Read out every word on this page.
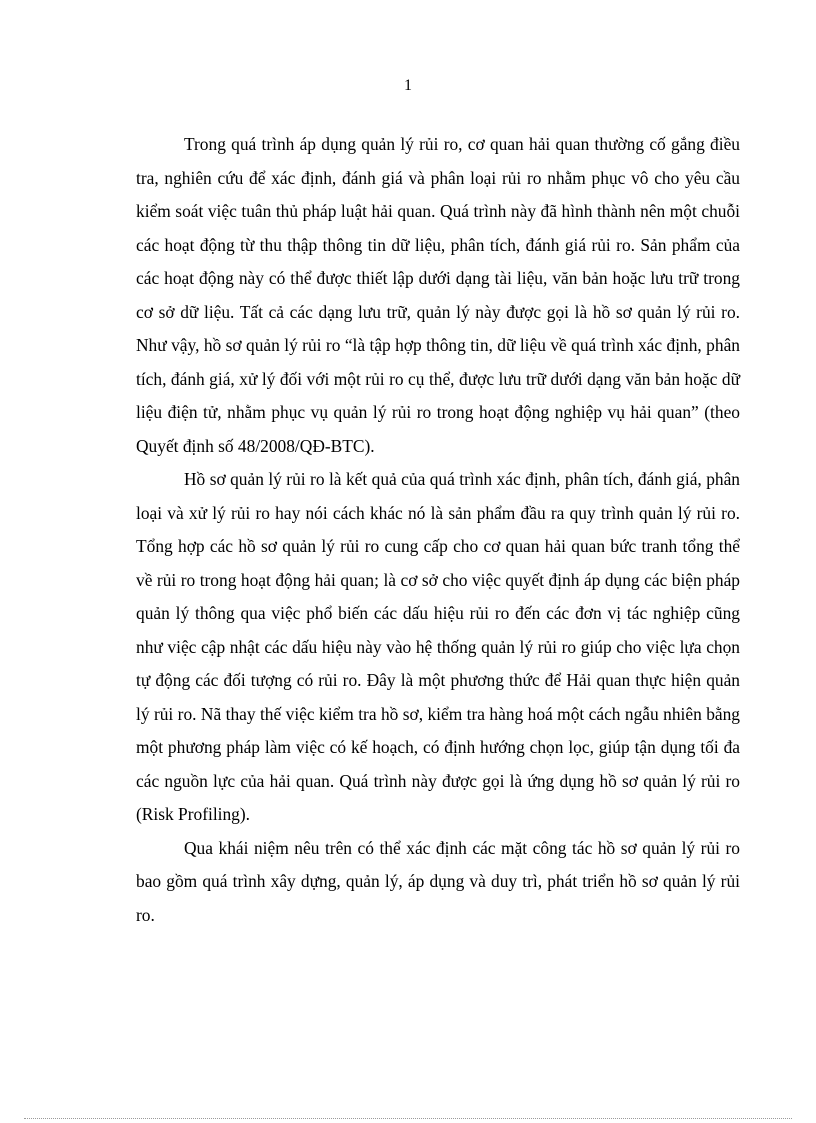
1

Trong quá trình áp dụng quản lý rủi ro, cơ quan hải quan thường cố gắng điều tra, nghiên cứu để xác định, đánh giá và phân loại rủi ro nhằm phục vô cho yêu cầu kiểm soát việc tuân thủ pháp luật hải quan. Quá trình này đã hình thành nên một chuỗi các hoạt động từ thu thập thông tin dữ liệu, phân tích, đánh giá rủi ro. Sản phẩm của các hoạt động này có thể được thiết lập dưới dạng tài liệu, văn bản hoặc lưu trữ trong cơ sở dữ liệu. Tất cả các dạng lưu trữ, quản lý này được gọi là hồ sơ quản lý rủi ro. Như vậy, hồ sơ quản lý rủi ro “là tập hợp thông tin, dữ liệu về quá trình xác định, phân tích, đánh giá, xử lý đối với một rủi ro cụ thể, được lưu trữ dưới dạng văn bản hoặc dữ liệu điện tử, nhằm phục vụ quản lý rủi ro trong hoạt động nghiệp vụ hải quan” (theo Quyết định số 48/2008/QĐ-BTC).

Hồ sơ quản lý rủi ro là kết quả của quá trình xác định, phân tích, đánh giá, phân loại và xử lý rủi ro hay nói cách khác nó là sản phẩm đầu ra quy trình quản lý rủi ro. Tổng hợp các hồ sơ quản lý rủi ro cung cấp cho cơ quan hải quan bức tranh tổng thể về rủi ro trong hoạt động hải quan; là cơ sở cho việc quyết định áp dụng các biện pháp quản lý thông qua việc phổ biến các dấu hiệu rủi ro đến các đơn vị tác nghiệp cũng như việc cập nhật các dấu hiệu này vào hệ thống quản lý rủi ro giúp cho việc lựa chọn tự động các đối tượng có rủi ro. Đây là một phương thức để Hải quan thực hiện quản lý rủi ro. Nã thay thế việc kiểm tra hồ sơ, kiểm tra hàng hoá một cách ngẫu nhiên bằng một phương pháp làm việc có kế hoạch, có định hướng chọn lọc, giúp tận dụng tối đa các nguồn lực của hải quan. Quá trình này được gọi là ứng dụng hồ sơ quản lý rủi ro (Risk Profiling).

Qua khái niệm nêu trên có thể xác định các mặt công tác hồ sơ quản lý rủi ro bao gồm quá trình xây dựng, quản lý, áp dụng và duy trì, phát triển hồ sơ quản lý rủi ro.
